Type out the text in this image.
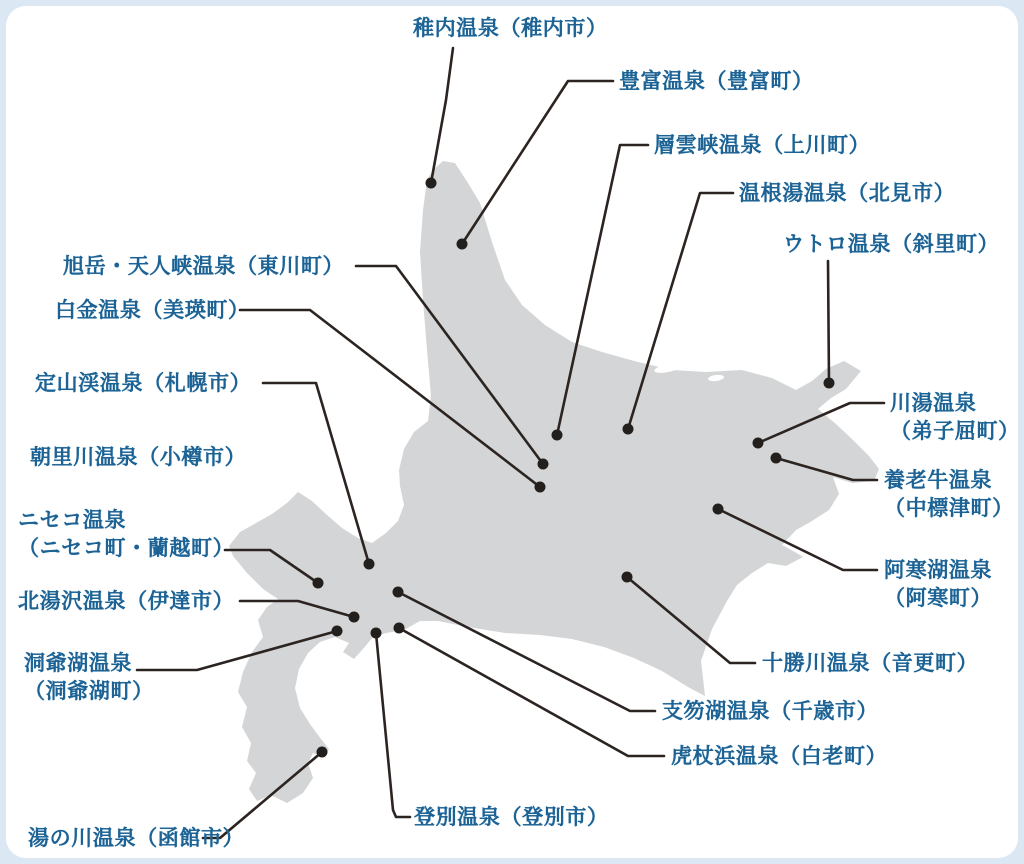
稚内温泉（稚内市）
豊富温泉（豊富町）
層雲峡温泉（上川町）
温根湯温泉（北見市）
ウトロ温泉（斜里町）
川湯温泉
（弟子屈町）
養老牛温泉
（中標津町）
阿寒湖温泉
（阿寒町）
十勝川温泉（音更町）
支笏湖温泉（千歳市）
虎杖浜温泉（白老町）
登別温泉（登別市）
湯の川温泉（函館市）
洞爺湖温泉
（洞爺湖町）
北湯沢温泉（伊達市）
ニセコ温泉
（ニセコ町・蘭越町）
朝里川温泉（小樽市）
定山渓温泉（札幌市）
白金温泉（美瑛町）
旭岳・天人峡温泉（東川町）
